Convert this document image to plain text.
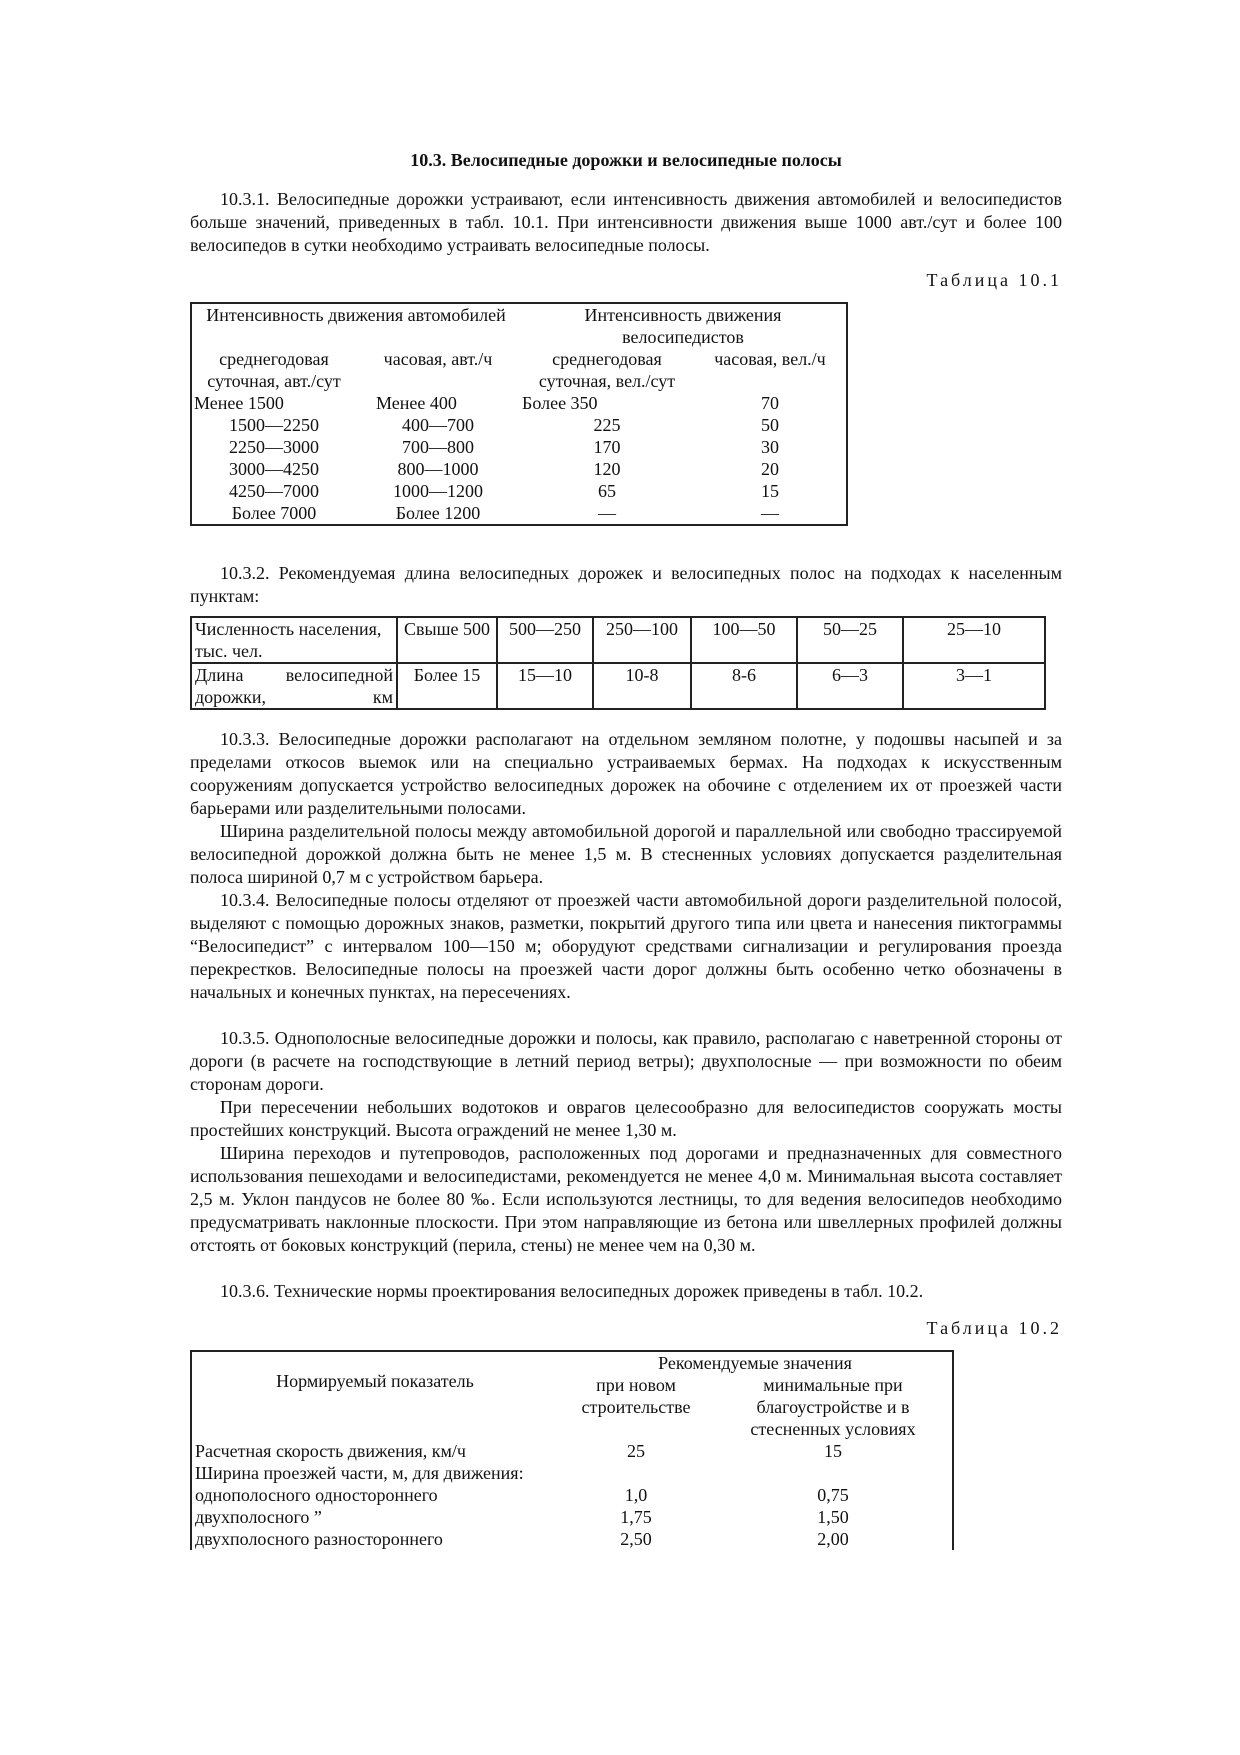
10.3. Велосипедные дорожки и велосипедные полосы

10.3.1. Велосипедные дорожки устраивают, если интенсивность движения автомобилей и велосипедистов больше значений, приведенных в табл. 10.1. При интенсивности движения выше 1000 авт./сут и более 100 велосипедов в сутки необходимо устраивать велосипедные полосы.

Таблица 10.1
Интенсивность движения автомобилей		Интенсивность движения велосипедистов	
среднегодовая суточная, авт./сут	часовая, авт./ч	среднегодовая суточная, вел./сут	часовая, вел./ч
Менее 1500	Менее 400	Более 350	70
1500—2250	400—700	225	50
2250—3000	700—800	170	30
3000—4250	800—1000	120	20
4250—7000	1000—1200	65	15
Более 7000	Более 1200	—	—

10.3.2. Рекомендуемая длина велосипедных дорожек и велосипедных полос на подходах к населенным пунктам:

Численность населения, тыс. чел.	Свыше 500	500—250	250—100	100—50	50—25	25—10
Длина велосипедной дорожки, км	Более 15	15—10	10-8	8-6	6—3	3—1

10.3.3. Велосипедные дорожки располагают на отдельном земляном полотне, у подошвы насыпей и за пределами откосов выемок или на специально устраиваемых бермах. На подходах к искусственным сооружениям допускается устройство велосипедных дорожек на обочине с отделением их от проезжей части барьерами или разделительными полосами.

Ширина разделительной полосы между автомобильной дорогой и параллельной или свободно трассируемой велосипедной дорожкой должна быть не менее 1,5 м. В стесненных условиях допускается разделительная полоса шириной 0,7 м с устройством барьера.

10.3.4. Велосипедные полосы отделяют от проезжей части автомобильной дороги разделительной полосой, выделяют с помощью дорожных знаков, разметки, покрытий другого типа или цвета и нанесения пиктограммы “Велосипедист” с интервалом 100—150 м; оборудуют средствами сигнализации и регулирования проезда перекрестков. Велосипедные полосы на проезжей части дорог должны быть особенно четко обозначены в начальных и конечных пунктах, на пересечениях.

10.3.5. Однополосные велосипедные дорожки и полосы, как правило, располагаю с наветренной стороны от дороги (в расчете на господствующие в летний период ветры); двухполосные — при возможности по обеим сторонам дороги.

При пересечении небольших водотоков и оврагов целесообразно для велосипедистов сооружать мосты простейших конструкций. Высота ограждений не менее 1,30 м.

Ширина переходов и путепроводов, расположенных под дорогами и предназначенных для совместного использования пешеходами и велосипедистами, рекомендуется не менее 4,0 м. Минимальная высота составляет 2,5 м. Уклон пандусов не более 80 ‰. Если используются лестницы, то для ведения велосипедов необходимо предусматривать наклонные плоскости. При этом направляющие из бетона или швеллерных профилей должны отстоять от боковых конструкций (перила, стены) не менее чем на 0,30 м.

10.3.6. Технические нормы проектирования велосипедных дорожек приведены в табл. 10.2.

Таблица 10.2
Нормируемый показатель	Рекомендуемые значения	
	при новом строительстве	минимальные при благоустройстве и в стесненных условиях
Расчетная скорость движения, км/ч	25	15
Ширина проезжей части, м, для движения:		
однополосного одностороннего	1,0	0,75
двухполосного ”	1,75	1,50
двухполосного разностороннего	2,50	2,00
